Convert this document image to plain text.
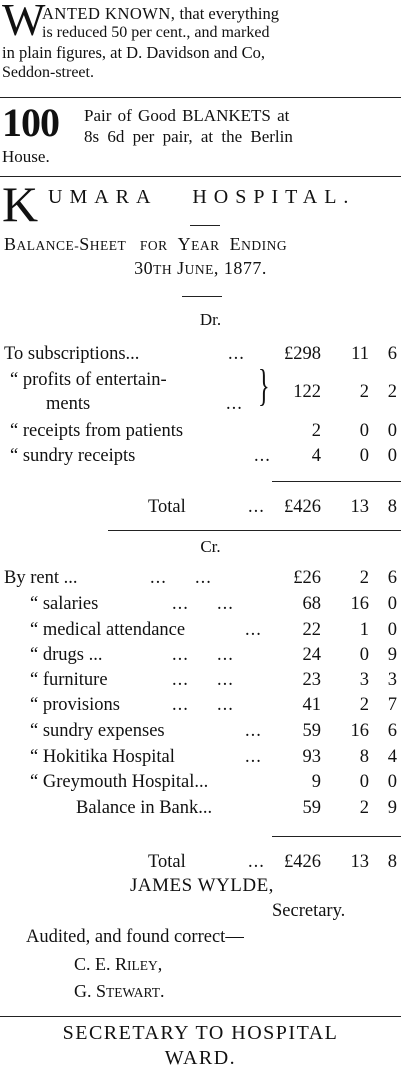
W
ANTED KNOWN, that everything
is reduced 50 per cent., and marked
in plain figures, at D. Davidson and Co,
Seddon-street.
100 Pair of Good BLANKETS at
8s 6d per pair, at the Berlin
House.
K UMARA   HOSPITAL.
BALANCE-SHEET FOR YEAR ENDING
30TH JUNE, 1877.
Dr.
To subscriptions...	... £298 11 6
“ profits of entertain-
ments	... } 122 2 2
“ receipts from patients	2 0 0
“ sundry receipts	... 4 0 0
Total	... £426 13 8
Cr.
By rent ...	...     ...	£26 2 6
“ salaries	...     ...	68 16 0
“ medical attendance	... 22 1 0
“ drugs ...	...     ...	24 0 9
“ furniture	...     ...	23 3 3
“ provisions	...     ...	41 2 7
“ sundry expenses	... 59 16 6
“ Hokitika Hospital	... 93 8 4
“ Greymouth Hospital...	9 0 0
Balance in Bank...	59 2 9
Total	... £426 13 8
JAMES WYLDE,
Secretary.
Audited, and found correct—
C. E. RILEY,
G. STEWART.
SECRETARY TO HOSPITAL
WARD.
